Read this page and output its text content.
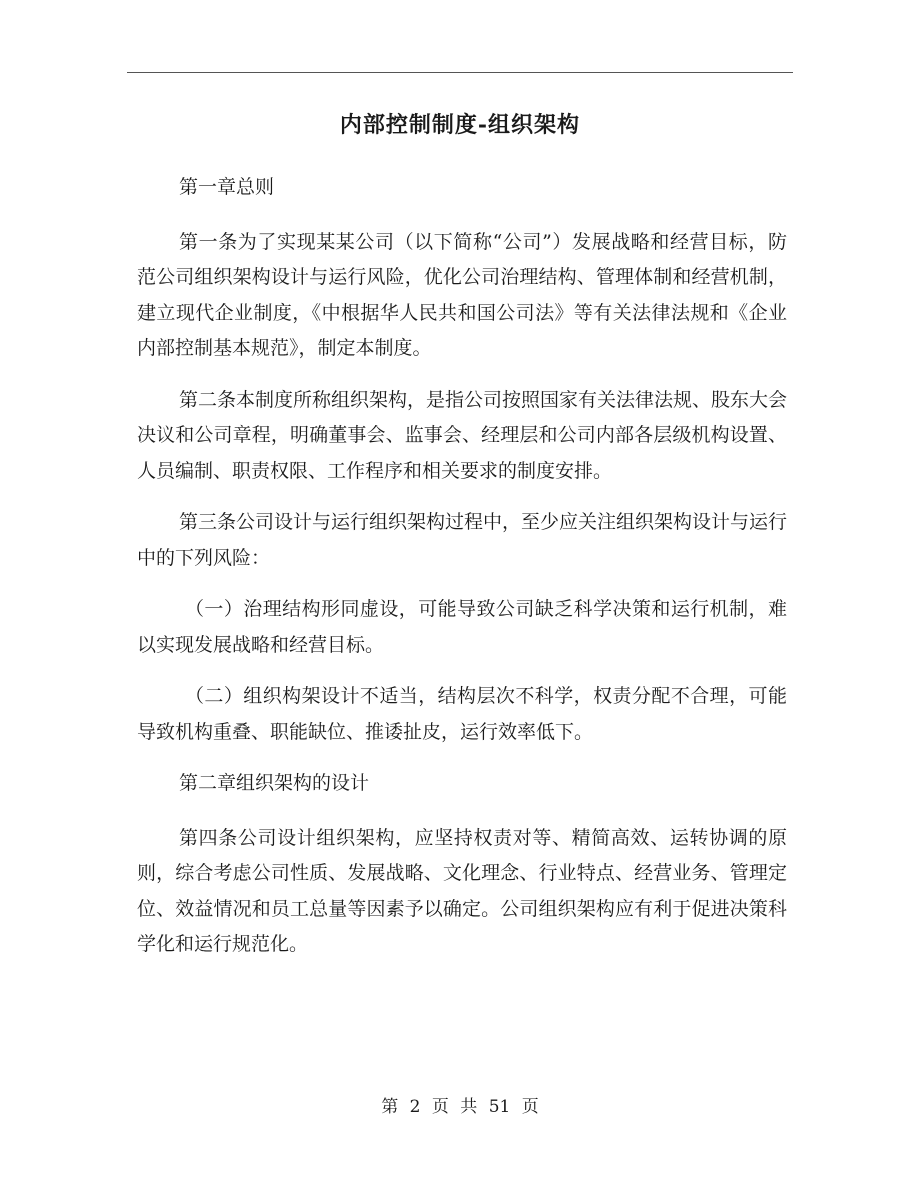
内部控制制度-组织架构

第一章总则

第一条为了实现某某公司（以下简称“公司”）发展战略和经营目标，防范公司组织架构设计与运行风险，优化公司治理结构、管理体制和经营机制，建立现代企业制度，《中根据华人民共和国公司法》等有关法律法规和《企业内部控制基本规范》，制定本制度。

第二条本制度所称组织架构，是指公司按照国家有关法律法规、股东大会决议和公司章程，明确董事会、监事会、经理层和公司内部各层级机构设置、人员编制、职责权限、工作程序和相关要求的制度安排。

第三条公司设计与运行组织架构过程中，至少应关注组织架构设计与运行中的下列风险：

（一）治理结构形同虚设，可能导致公司缺乏科学决策和运行机制，难以实现发展战略和经营目标。

（二）组织构架设计不适当，结构层次不科学，权责分配不合理，可能导致机构重叠、职能缺位、推诿扯皮，运行效率低下。

第二章组织架构的设计

第四条公司设计组织架构，应坚持权责对等、精简高效、运转协调的原则，综合考虑公司性质、发展战略、文化理念、行业特点、经营业务、管理定位、效益情况和员工总量等因素予以确定。公司组织架构应有利于促进决策科学化和运行规范化。

第 2 页 共 51 页
